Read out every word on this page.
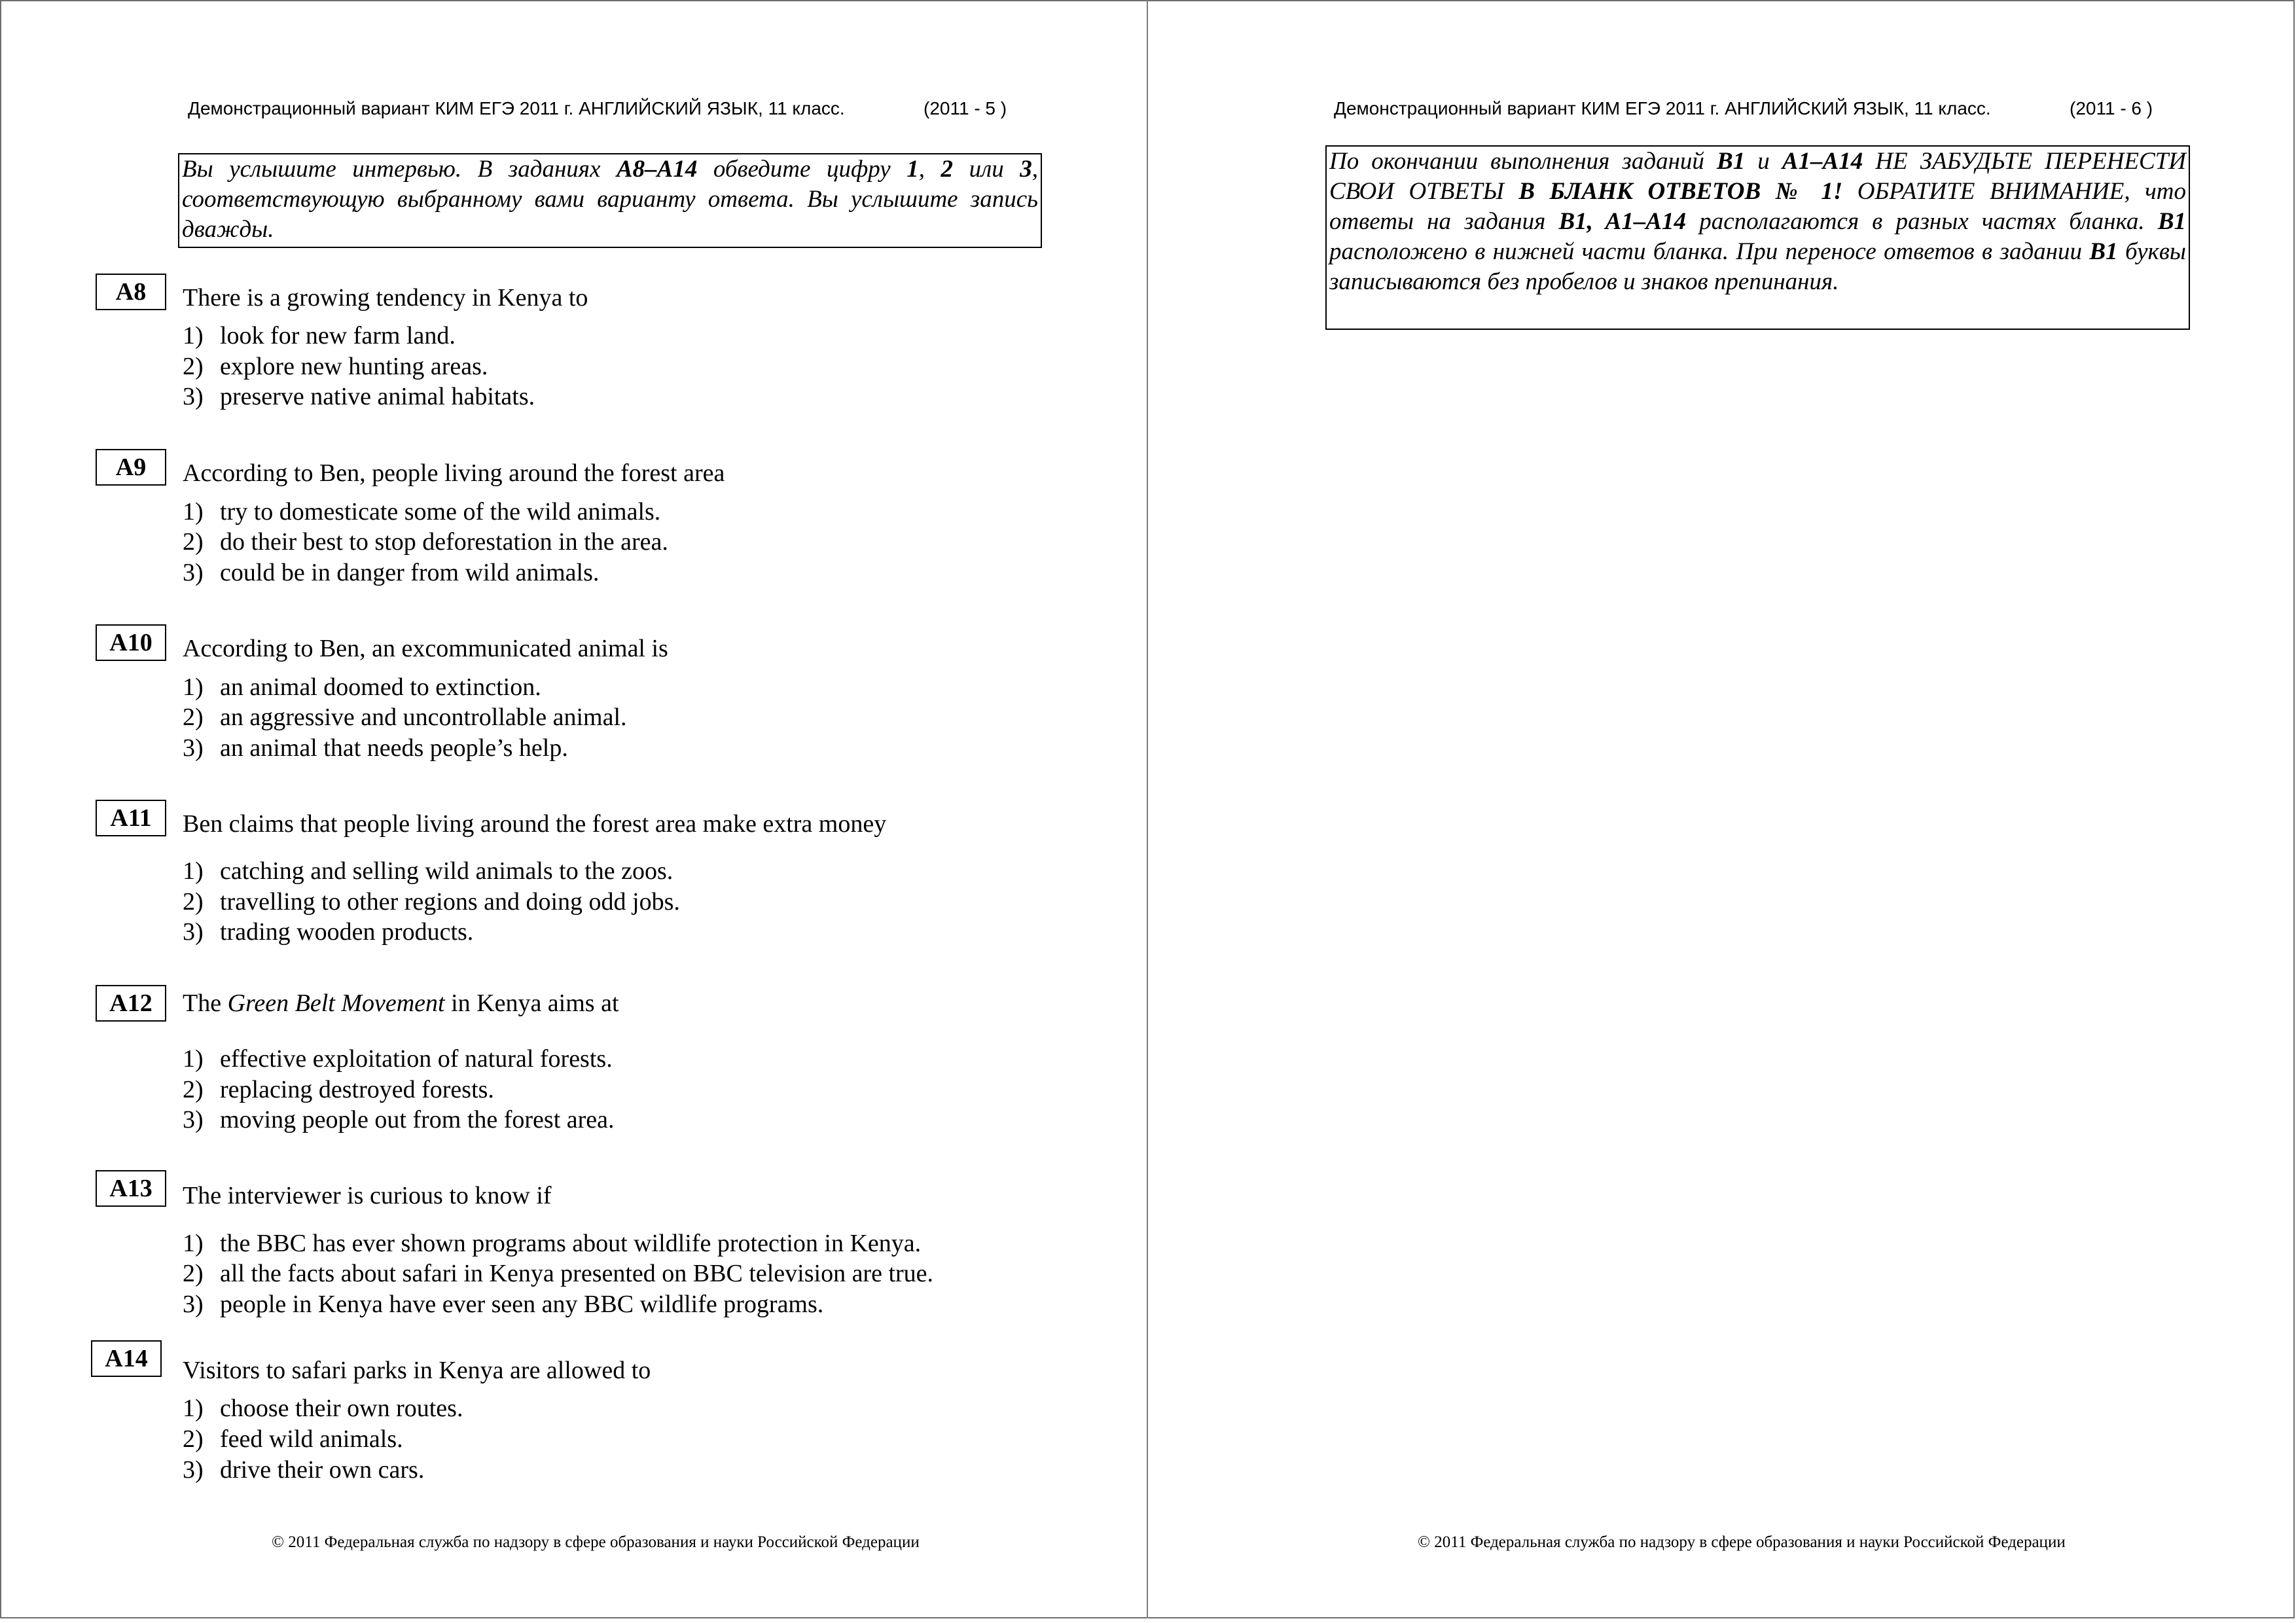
Демонстрационный вариант КИМ ЕГЭ 2011 г. АНГЛИЙСКИЙ ЯЗЫК, 11 класс.	(2011 - 5 )
Вы услышите интервью. В заданиях A8–A14 обведите цифру 1, 2 или 3, соответствующую выбранному вами варианту ответа. Вы услышите запись дважды.
A8	There is a growing tendency in Kenya to
1) look for new farm land.
2) explore new hunting areas.
3) preserve native animal habitats.
A9	According to Ben, people living around the forest area
1) try to domesticate some of the wild animals.
2) do their best to stop deforestation in the area.
3) could be in danger from wild animals.
A10	According to Ben, an excommunicated animal is
1) an animal doomed to extinction.
2) an aggressive and uncontrollable animal.
3) an animal that needs people’s help.
A11	Ben claims that people living around the forest area make extra money
1) catching and selling wild animals to the zoos.
2) travelling to other regions and doing odd jobs.
3) trading wooden products.
A12	The Green Belt Movement in Kenya aims at
1) effective exploitation of natural forests.
2) replacing destroyed forests.
3) moving people out from the forest area.
A13	The interviewer is curious to know if
1) the BBC has ever shown programs about wildlife protection in Kenya.
2) all the facts about safari in Kenya presented on BBC television are true.
3) people in Kenya have ever seen any BBC wildlife programs.
A14	Visitors to safari parks in Kenya are allowed to
1) choose their own routes.
2) feed wild animals.
3) drive their own cars.
© 2011 Федеральная служба по надзору в сфере образования и науки Российской Федерации
Демонстрационный вариант КИМ ЕГЭ 2011 г. АНГЛИЙСКИЙ ЯЗЫК, 11 класс.	(2011 - 6 )
По окончании выполнения заданий B1 и A1–A14 НЕ ЗАБУДЬТЕ ПЕРЕНЕСТИ СВОИ ОТВЕТЫ В БЛАНК ОТВЕТОВ № 1! ОБРАТИТЕ ВНИМАНИЕ, что ответы на задания B1, A1–A14 располагаются в разных частях бланка. B1 расположено в нижней части бланка. При переносе ответов в задании B1 буквы записываются без пробелов и знаков препинания.
© 2011 Федеральная служба по надзору в сфере образования и науки Российской Федерации
